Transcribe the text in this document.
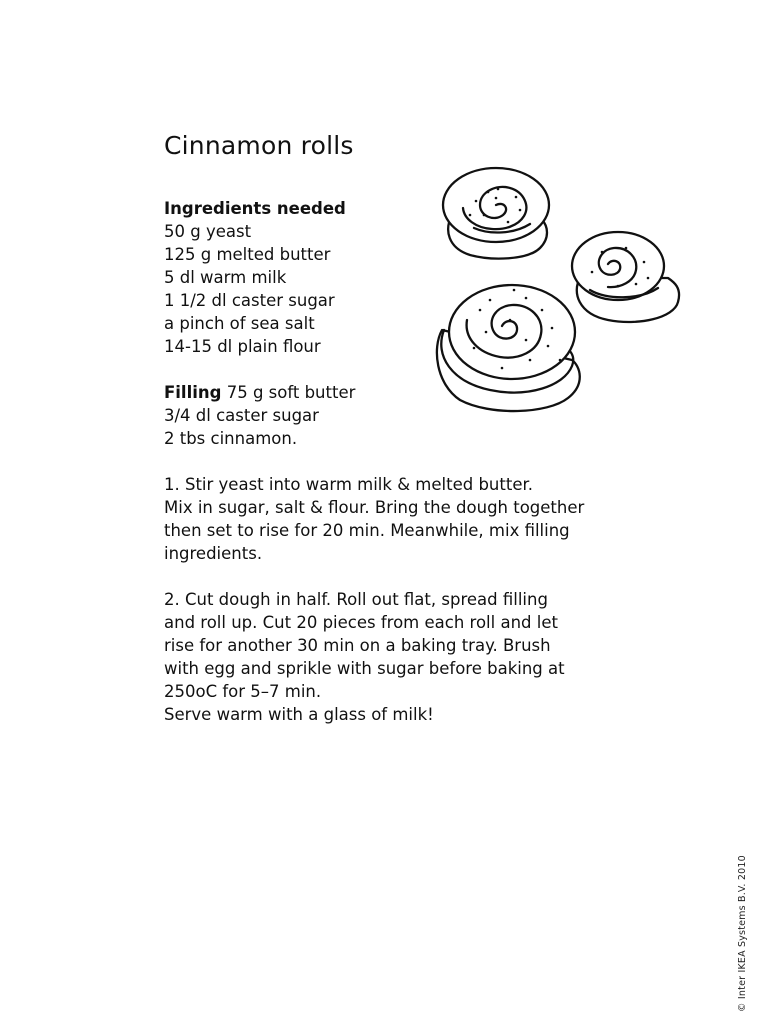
Cinnamon rolls
Ingredients needed
50 g yeast
125 g melted butter
5 dl warm milk
1 1/2 dl caster sugar
a pinch of sea salt
14-15 dl plain flour
Filling 75 g soft butter
3/4 dl caster sugar
2 tbs cinnamon.
1. Stir yeast into warm milk & melted butter.
Mix in sugar, salt & flour. Bring the dough together
then set to rise for 20 min. Meanwhile, mix filling
ingredients.
2. Cut dough in half. Roll out flat, spread filling
and roll up. Cut 20 pieces from each roll and let
rise for another 30 min on a baking tray. Brush
with egg and sprikle with sugar before baking at
250oC for 5–7 min.
Serve warm with a glass of milk!
© Inter IKEA Systems B.V. 2010
